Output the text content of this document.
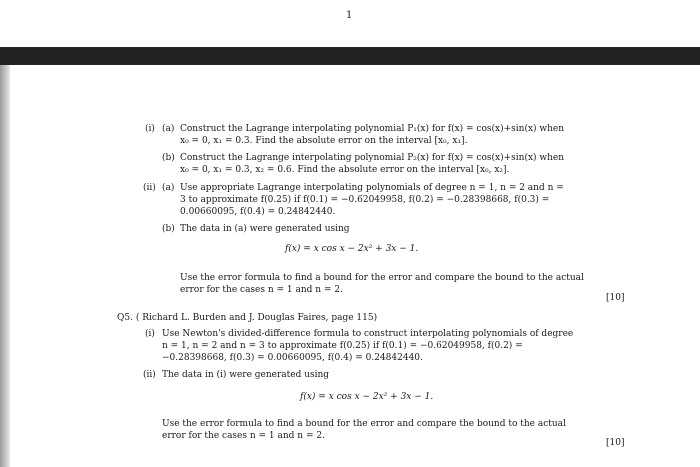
1
(i) (a) Construct the Lagrange interpolating polynomial P₁(x) for f(x) = cos(x)+sin(x) when
x₀ = 0, x₁ = 0.3. Find the absolute error on the interval [x₀, x₁].
(b) Construct the Lagrange interpolating polynomial P₂(x) for f(x) = cos(x)+sin(x) when
x₀ = 0, x₁ = 0.3, x₂ = 0.6. Find the absolute error on the interval [x₀, x₂].
(ii) (a) Use appropriate Lagrange interpolating polynomials of degree n = 1, n = 2 and n =
3 to approximate f(0.25) if f(0.1) = −0.62049958, f(0.2) = −0.28398668, f(0.3) =
0.00660095, f(0.4) = 0.24842440.
(b) The data in (a) were generated using
f(x) = x cos x − 2x² + 3x − 1.
Use the error formula to find a bound for the error and compare the bound to the actual
error for the cases n = 1 and n = 2.
[10]
Q5. ( Richard L. Burden and J. Douglas Faires, page 115)
(i) Use Newton's divided-difference formula to construct interpolating polynomials of degree
n = 1, n = 2 and n = 3 to approximate f(0.25) if f(0.1) = −0.62049958, f(0.2) =
−0.28398668, f(0.3) = 0.00660095, f(0.4) = 0.24842440.
(ii) The data in (i) were generated using
f(x) = x cos x − 2x² + 3x − 1.
Use the error formula to find a bound for the error and compare the bound to the actual
error for the cases n = 1 and n = 2.
[10]
